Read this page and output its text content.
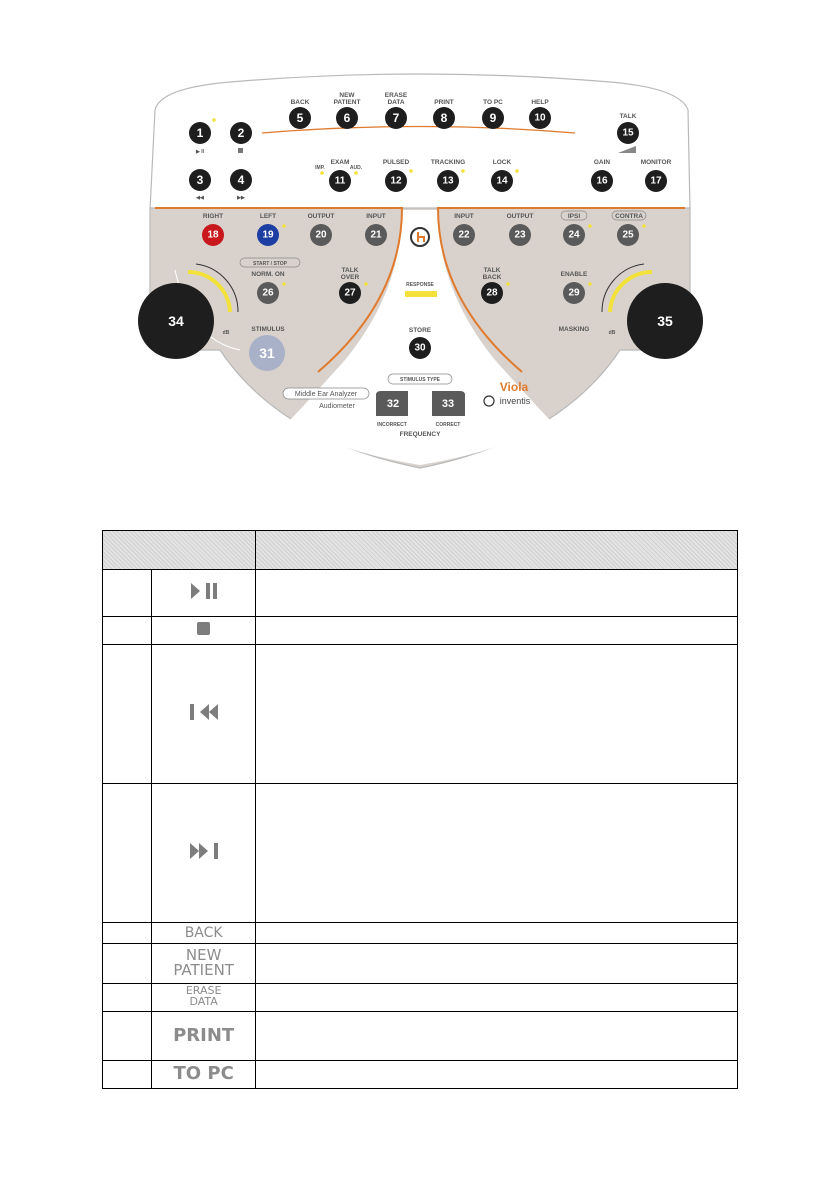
BACK
NEW
PATIENT
ERASE
DATA	PRINT	TO PC	HELP
TALK
1
▶ II
2
3
◀◀
4
▶▶
5	6	7	8	9	10
15
IMP.
EXAM
AUD.
PULSED	TRACKING	LOCK	GAIN	MONITOR
11	12	13	14	16	17
RIGHT	LEFT	OUTPUT	INPUT
18	19	20	21
START / STOP
NORM. ON
26
TALK
OVER
27
STIMULUS
31
dB
RESPONSE
STORE
30
STIMULUS TYPE
32	33
INCORRECT	CORRECT
FREQUENCY
Middle Ear Analyzer
Audiometer
Viola
inventis
INPUT	OUTPUT	IPSI	CONTRA
22	23	24	25
TALK
BACK
28
ENABLE
29
MASKING	dB
34	35

	BACK	
	NEW
PATIENT	
	ERASE
DATA	
	PRINT	
	TO PC	
